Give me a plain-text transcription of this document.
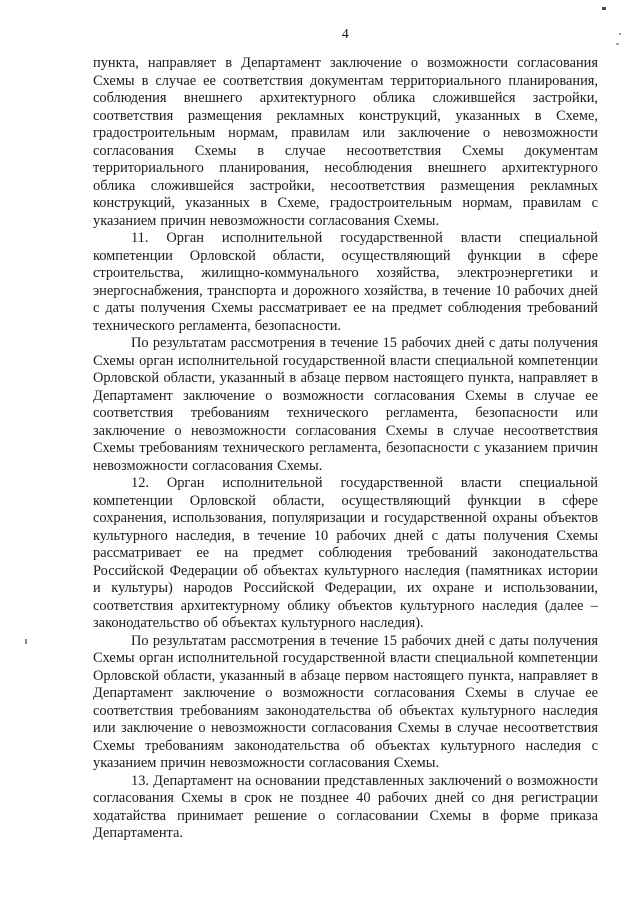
4

пункта, направляет в Департамент заключение о возможности согласования Схемы в случае ее соответствия документам территориального планирования, соблюдения внешнего архитектурного облика сложившейся застройки, соответствия размещения рекламных конструкций, указанных в Схеме, градостроительным нормам, правилам или заключение о невозможности согласования Схемы в случае несоответствия Схемы документам территориального планирования, несоблюдения внешнего архитектурного облика сложившейся застройки, несоответствия размещения рекламных конструкций, указанных в Схеме, градостроительным нормам, правилам с указанием причин невозможности согласования Схемы.

11. Орган исполнительной государственной власти специальной компетенции Орловской области, осуществляющий функции в сфере строительства, жилищно-коммунального хозяйства, электроэнергетики и энергоснабжения, транспорта и дорожного хозяйства, в течение 10 рабочих дней с даты получения Схемы рассматривает ее на предмет соблюдения требований технического регламента, безопасности.

По результатам рассмотрения в течение 15 рабочих дней с даты получения Схемы орган исполнительной государственной власти специальной компетенции Орловской области, указанный в абзаце первом настоящего пункта, направляет в Департамент заключение о возможности согласования Схемы в случае ее соответствия требованиям технического регламента, безопасности или заключение о невозможности согласования Схемы в случае несоответствия Схемы требованиям технического регламента, безопасности с указанием причин невозможности согласования Схемы.

12. Орган исполнительной государственной власти специальной компетенции Орловской области, осуществляющий функции в сфере сохранения, использования, популяризации и государственной охраны объектов культурного наследия, в течение 10 рабочих дней с даты получения Схемы рассматривает ее на предмет соблюдения требований законодательства Российской Федерации об объектах культурного наследия (памятниках истории и культуры) народов Российской Федерации, их охране и использовании, соответствия архитектурному облику объектов культурного наследия (далее – законодательство об объектах культурного наследия).

По результатам рассмотрения в течение 15 рабочих дней с даты получения Схемы орган исполнительной государственной власти специальной компетенции Орловской области, указанный в абзаце первом настоящего пункта, направляет в Департамент заключение о возможности согласования Схемы в случае ее соответствия требованиям законодательства об объектах культурного наследия или заключение о невозможности согласования Схемы в случае несоответствия Схемы требованиям законодательства об объектах культурного наследия с указанием причин невозможности согласования Схемы.

13. Департамент на основании представленных заключений о возможности согласования Схемы в срок не позднее 40 рабочих дней со дня регистрации ходатайства принимает решение о согласовании Схемы в форме приказа Департамента.
